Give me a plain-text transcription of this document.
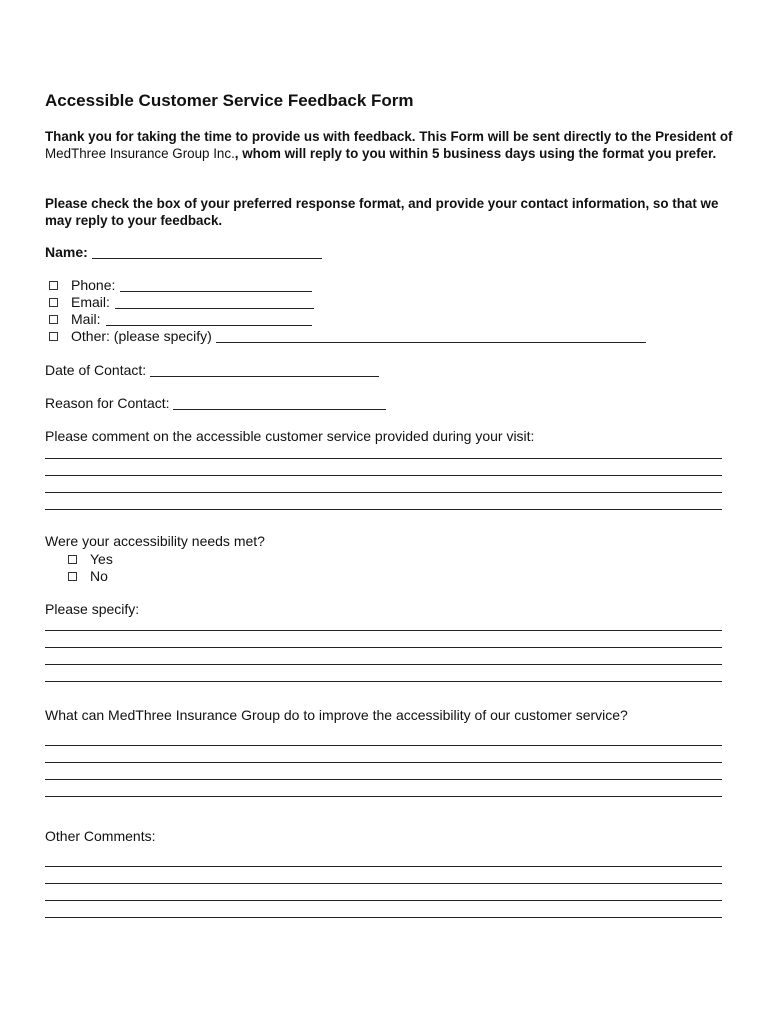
Accessible Customer Service Feedback Form
Thank you for taking the time to provide us with feedback. This Form will be sent directly to the President of MedThree Insurance Group Inc., whom will reply to you within 5 business days using the format you prefer.
Please check the box of your preferred response format, and provide your contact information, so that we may reply to your feedback.
Name:
Phone:
Email:
Mail:
Other: (please specify)
Date of Contact:
Reason for Contact:
Please comment on the accessible customer service provided during your visit:
Were your accessibility needs met?
Yes
No
Please specify:
What can MedThree Insurance Group do to improve the accessibility of our customer service?
Other Comments:
